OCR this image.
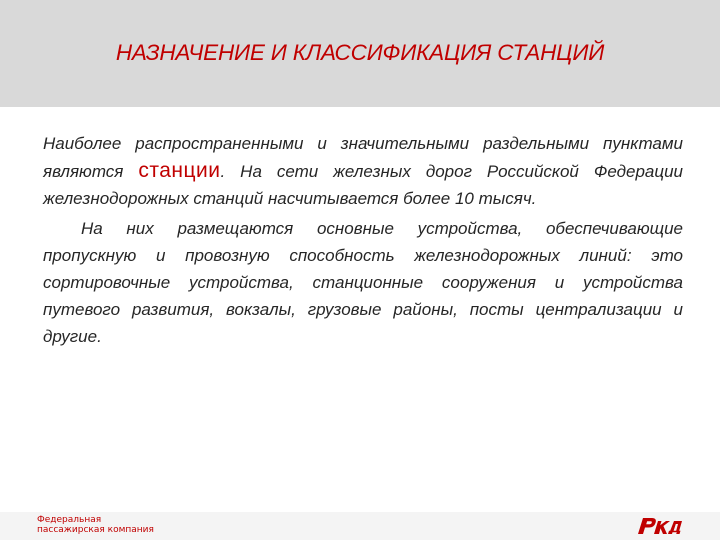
НАЗНАЧЕНИЕ И КЛАССИФИКАЦИЯ СТАНЦИЙ

Наиболее распространенными и значительными раздельными пунктами являются станции. На сети железных дорог Российской Федерации железнодорожных станций насчитывается более 10 тысяч.

На них размещаются основные устройства, обеспечивающие пропускную и провозную способность железнодорожных линий: это сортировочные устройства, станционные сооружения и устройства путевого развития, вокзалы, грузовые районы, посты централизации и другие.

Федеральная
пассажирская компания
